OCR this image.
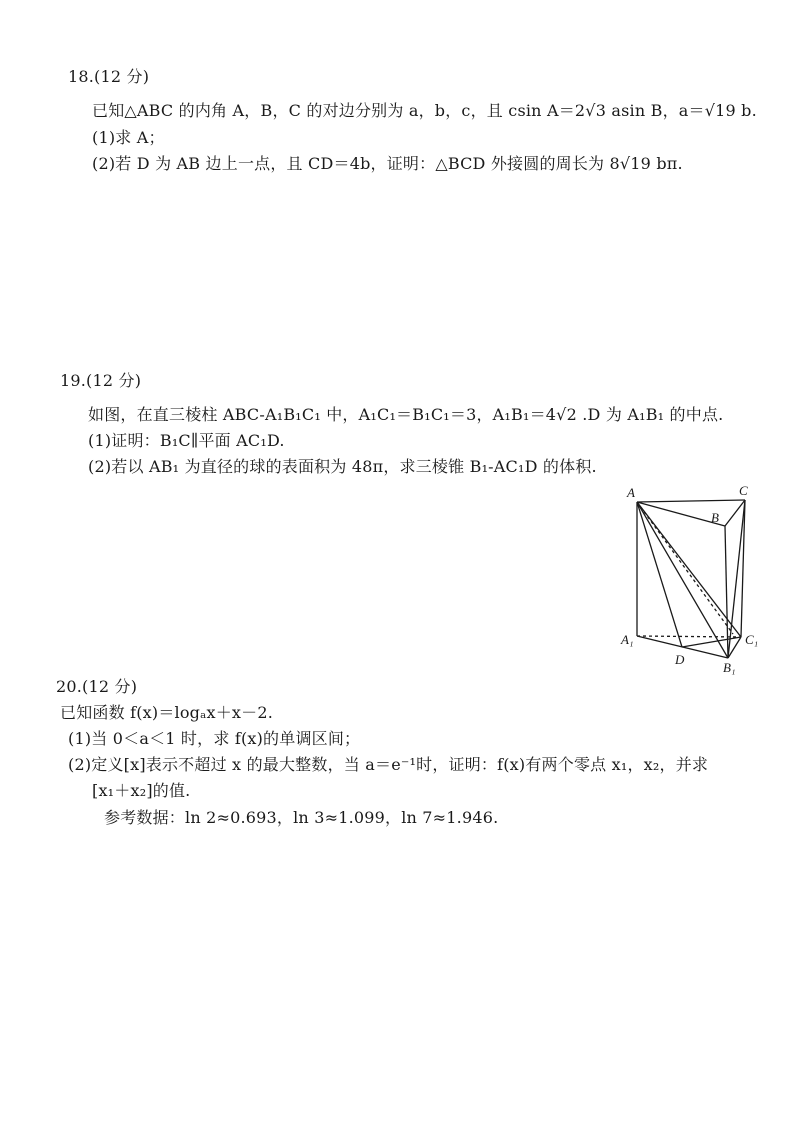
18.(12 分)
已知△ABC 的内角 A，B，C 的对边分别为 a，b，c，且 csin A＝2√3 asin B，a＝√19 b.
(1)求 A；
(2)若 D 为 AB 边上一点，且 CD＝4b，证明：△BCD 外接圆的周长为 8√19 bπ.
19.(12 分)
如图，在直三棱柱 ABC-A₁B₁C₁ 中，A₁C₁＝B₁C₁＝3，A₁B₁＝4√2 .D 为 A₁B₁ 的中点.
(1)证明：B₁C∥平面 AC₁D.
(2)若以 AB₁ 为直径的球的表面积为 48π，求三棱锥 B₁-AC₁D 的体积.
20.(12 分)
已知函数 f(x)＝logₐx＋x－2.
(1)当 0＜a＜1 时，求 f(x)的单调区间；
(2)定义[x]表示不超过 x 的最大整数，当 a＝e⁻¹时，证明：f(x)有两个零点 x₁，x₂，并求
[x₁＋x₂]的值.
参考数据：ln 2≈0.693，ln 3≈1.099，ln 7≈1.946.
A
B
C
A₁
B₁
C₁
D
